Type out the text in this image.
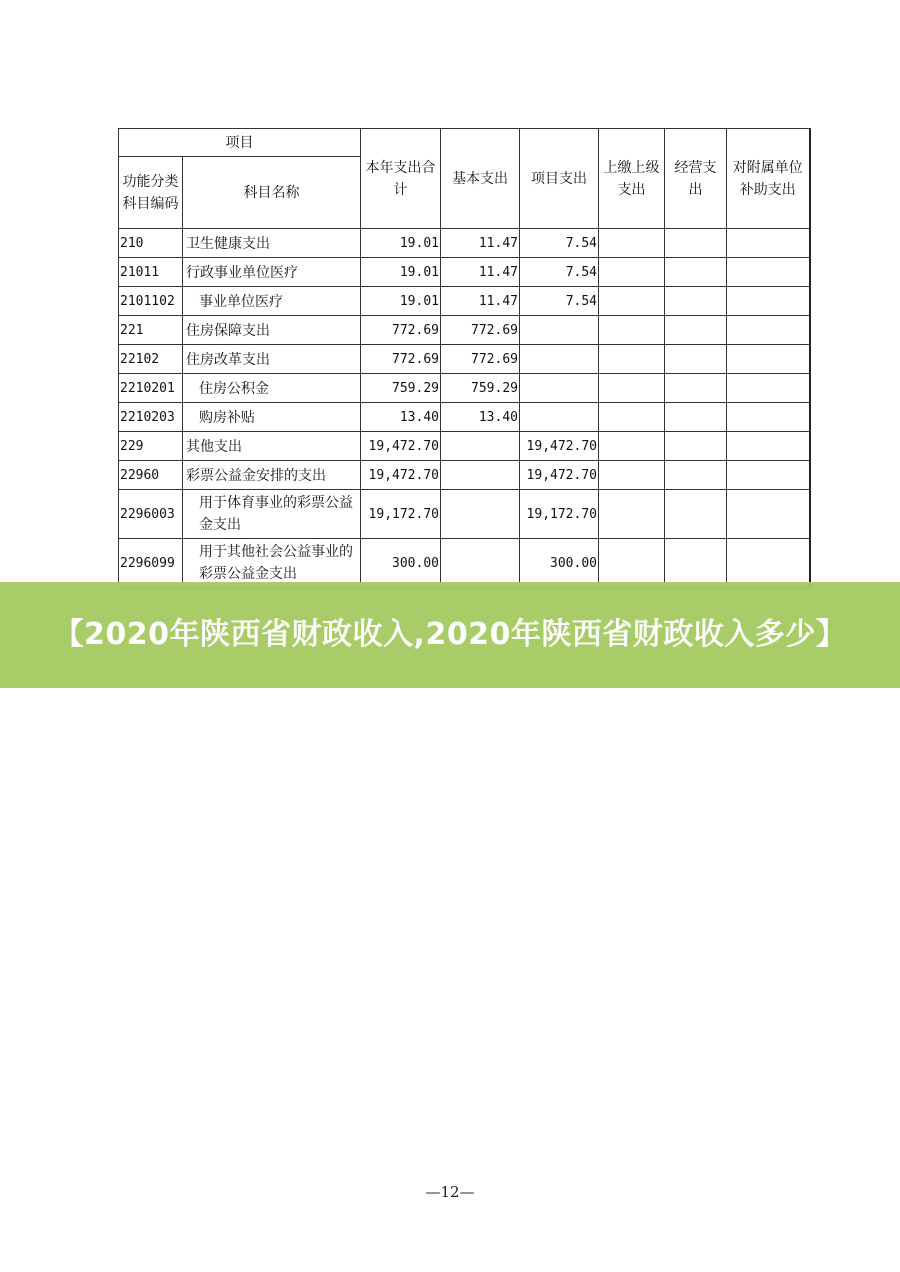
项目		本年支出合计	基本支出	项目支出	上缴上级支出	经营支出	对附属单位补助支出
功能分类科目编码	科目名称						
210	卫生健康支出	19.01	11.47	7.54			
21011	行政事业单位医疗	19.01	11.47	7.54			
2101102	事业单位医疗	19.01	11.47	7.54			
221	住房保障支出	772.69	772.69				
22102	住房改革支出	772.69	772.69				
2210201	住房公积金	759.29	759.29				
2210203	购房补贴	13.40	13.40				
229	其他支出	19,472.70		19,472.70			
22960	彩票公益金安排的支出	19,472.70		19,472.70			
2296003	用于体育事业的彩票公益金支出	19,172.70		19,172.70			
2296099	用于其他社会公益事业的彩票公益金支出	300.00		300.00			
【2020年陕西省财政收入,2020年陕西省财政收入多少】
—12—
